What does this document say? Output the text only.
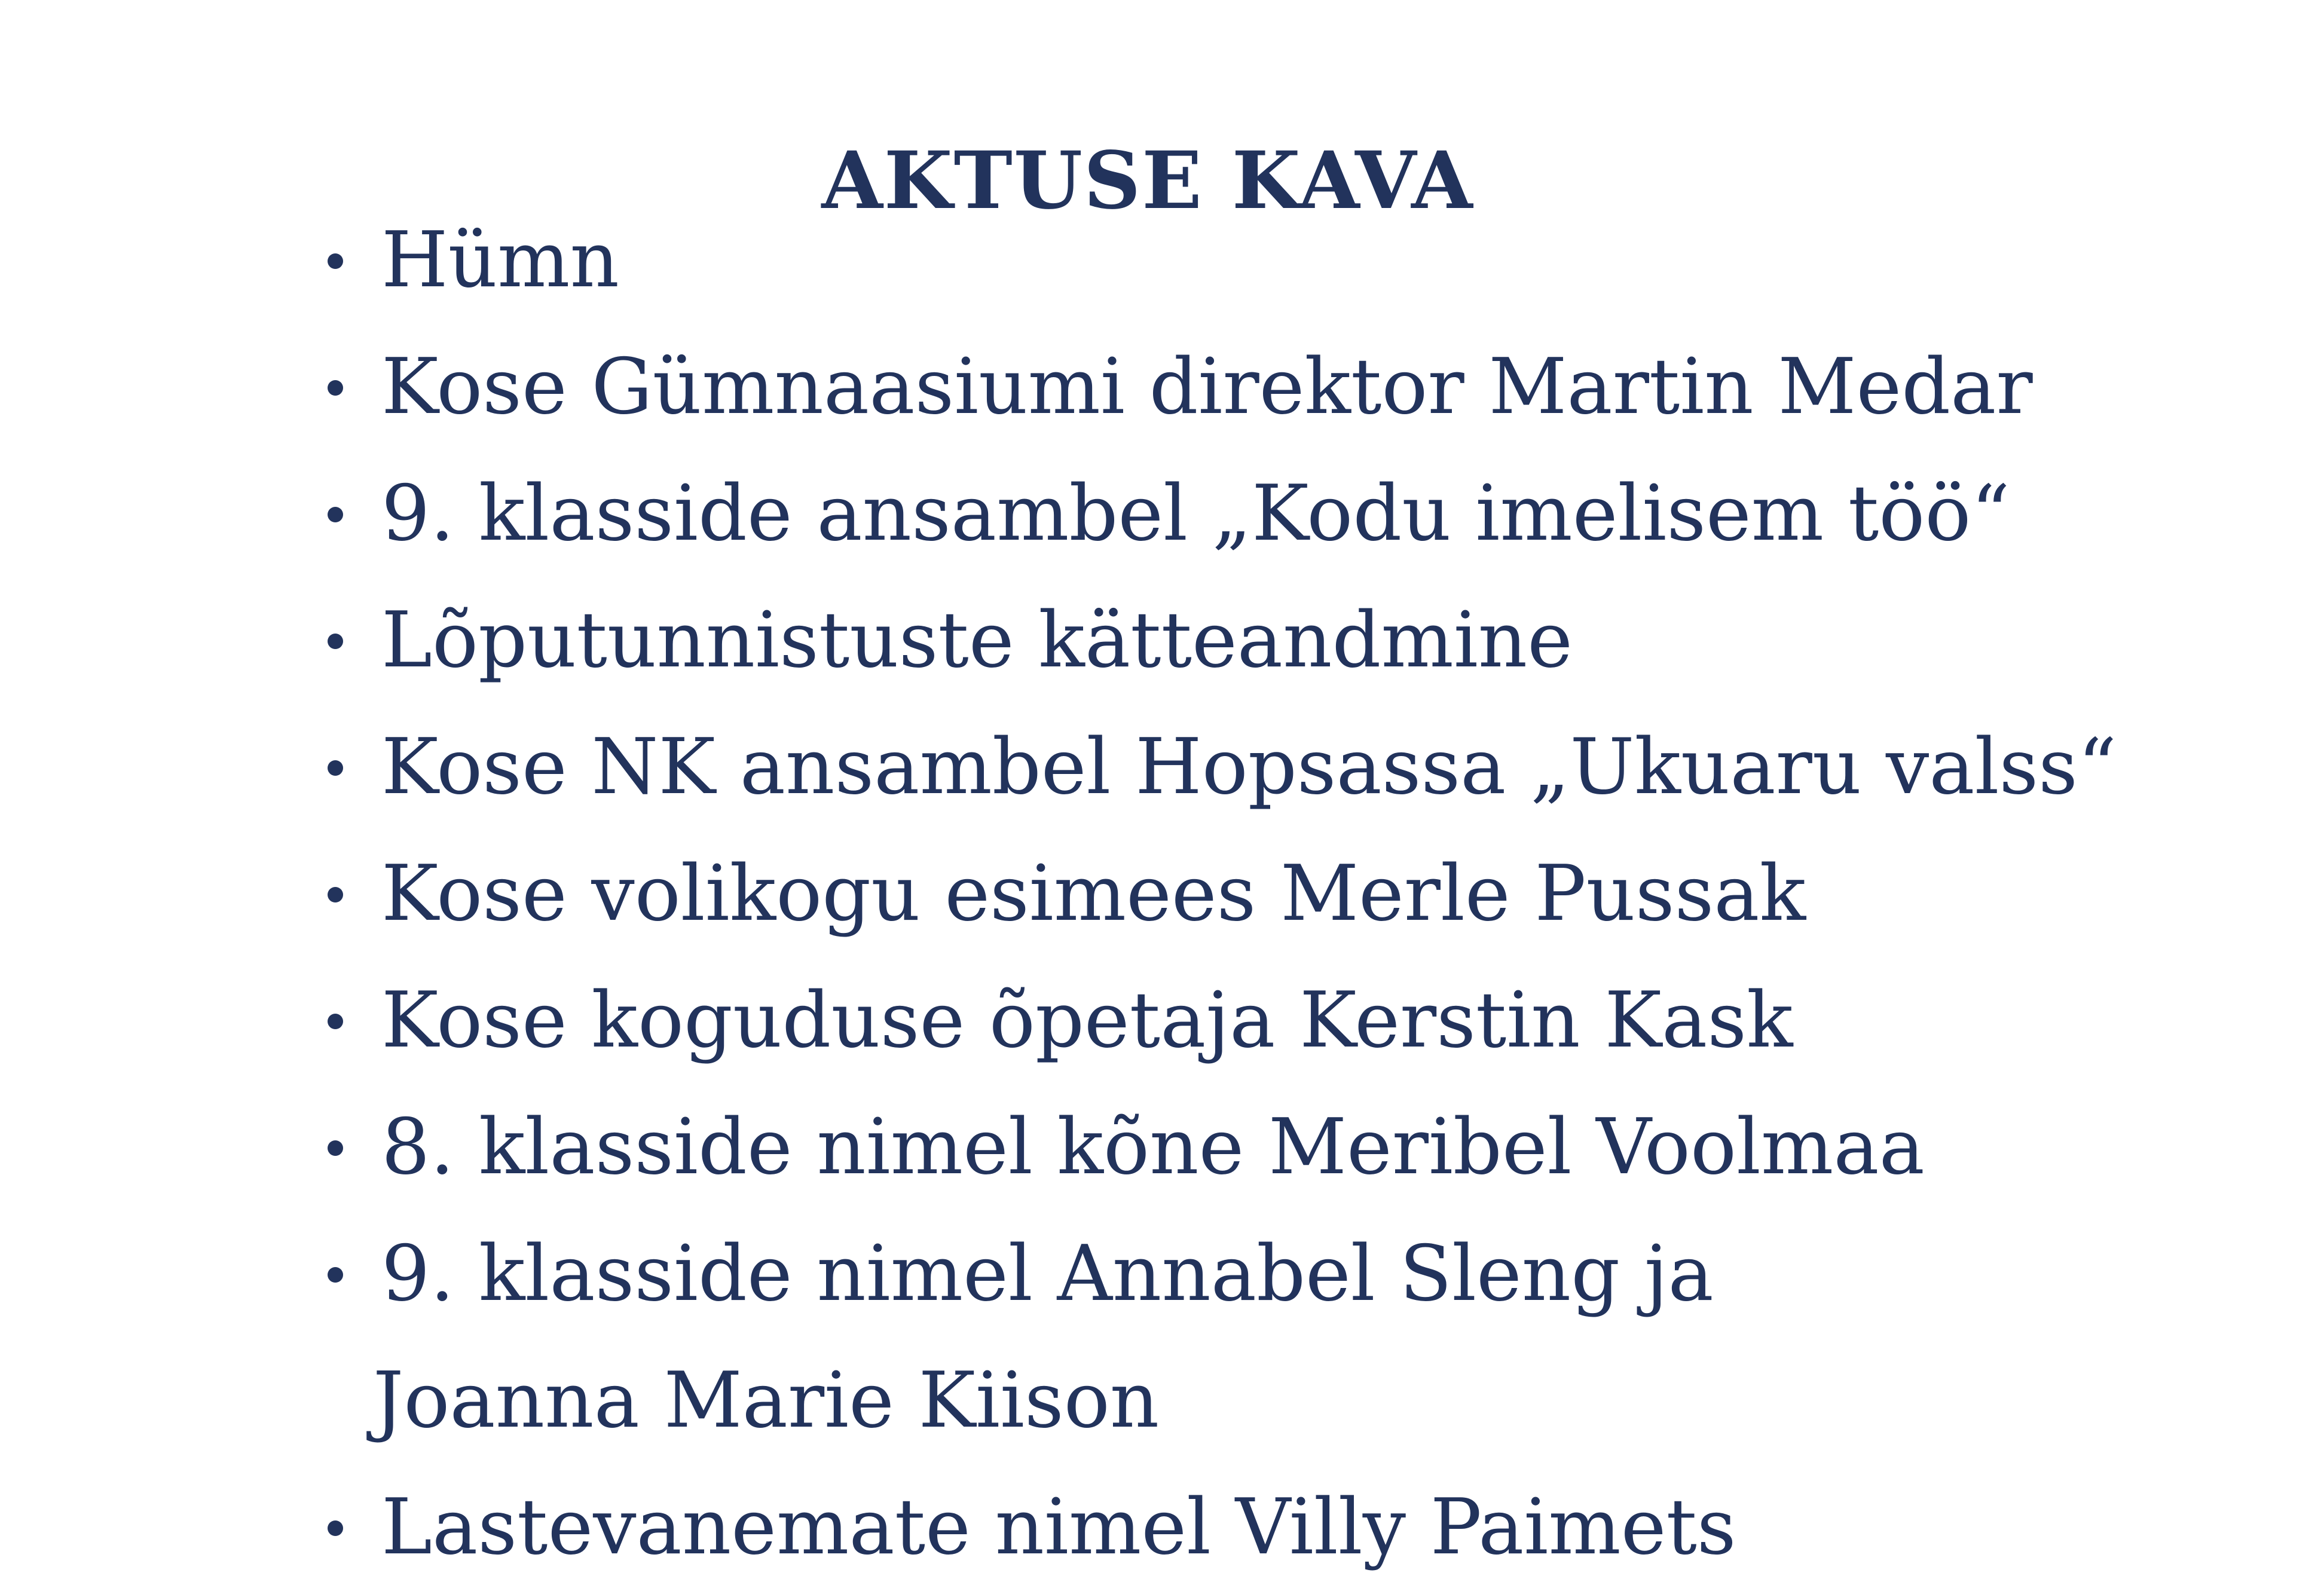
AKTUSE KAVA
Hümn
Kose Gümnaasiumi direktor Martin Medar
9. klasside ansambel „Kodu imelisem töö“
Lõputunnistuste kätteandmine
Kose NK ansambel Hopsassa „Ukuaru valss“
Kose volikogu esimees Merle Pussak
Kose koguduse õpetaja Kerstin Kask
8. klasside nimel kõne Meribel Voolmaa
9. klasside nimel Annabel Sleng ja
Joanna Marie Kiison
Lastevanemate nimel Villy Paimets
